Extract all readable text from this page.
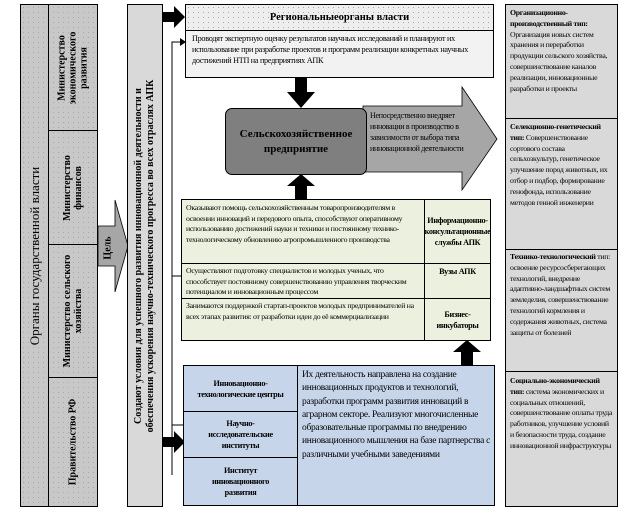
Органы государственной власти
Министерство экономического развития
Министерство финансов
Министерство сельского хозяйства
Правительство РФ
Цель Создают условия для успешного развития инновационной деятельности и обеспечения ускорения научно-технического прогресса во всех отраслях АПК
Региональныеорганы власти
Проводят экспертную оценку результатов научных исследований и планируют их использование при разработке проектов и программ реализации конкретных научных достижений НТП на предприятиях АПК
Непосредственно внедряет инновации в производство в зависимости от выбора типа инновационной деятельности
Сельскохозяйственное предприятие
Оказывают помощь сельскохозяйственным товаропроизводителям в освоении инноваций и передового опыта, способствуют оперативному использованию достижений науки и техники и постоянному технико-технологическому обновлению агропромышленного производства
Информационно-консультационные службы АПК
Осуществляют подготовку специалистов и молодых ученых, что способствует постоянному совершенствованию управления творческим потенциалом и инновационным процессом
Вузы АПК
Занимаются поддержкой стартап-проектов молодых предпринимателей на всех этапах развития: от разработки идеи до её коммерциализации	Бизнес-инкубаторы
Инновационно-технологические центры
Научно-исследовательские институты
Институт инновационного развития
Их деятельность направлена на создание инновационных продуктов и технологий, разработки программ развития инноваций в аграрном секторе. Реализуют многочисленные образовательные программы по внедрению инновационного мышления на базе партнерства с различными учебными заведениями
Организационно-производственный тип: Организация новых систем хранения и переработки продукции сельского хозяйства, совершенствование каналов реализации, инновационные разработки и проекты
Селекционно-генетический тип: Совершенствование сортового состава сельхозкультур, генетическое улучшение пород животных, их отбор и подбор, формирование генофонда, использование методов генной инженерии
Технико-технологический тип: освоение ресурсосберегающих технологий, внедрение адаптивно-ландшафтных систем земледелия, совершенствование технологий кормления и содержания животных, система защиты от болезней
Социально-экономический тип: система экономических и социальных отношений, совершенствование оплаты труда работников, улучшение условий и безопасности труда, создание инновационной инфраструктуры
